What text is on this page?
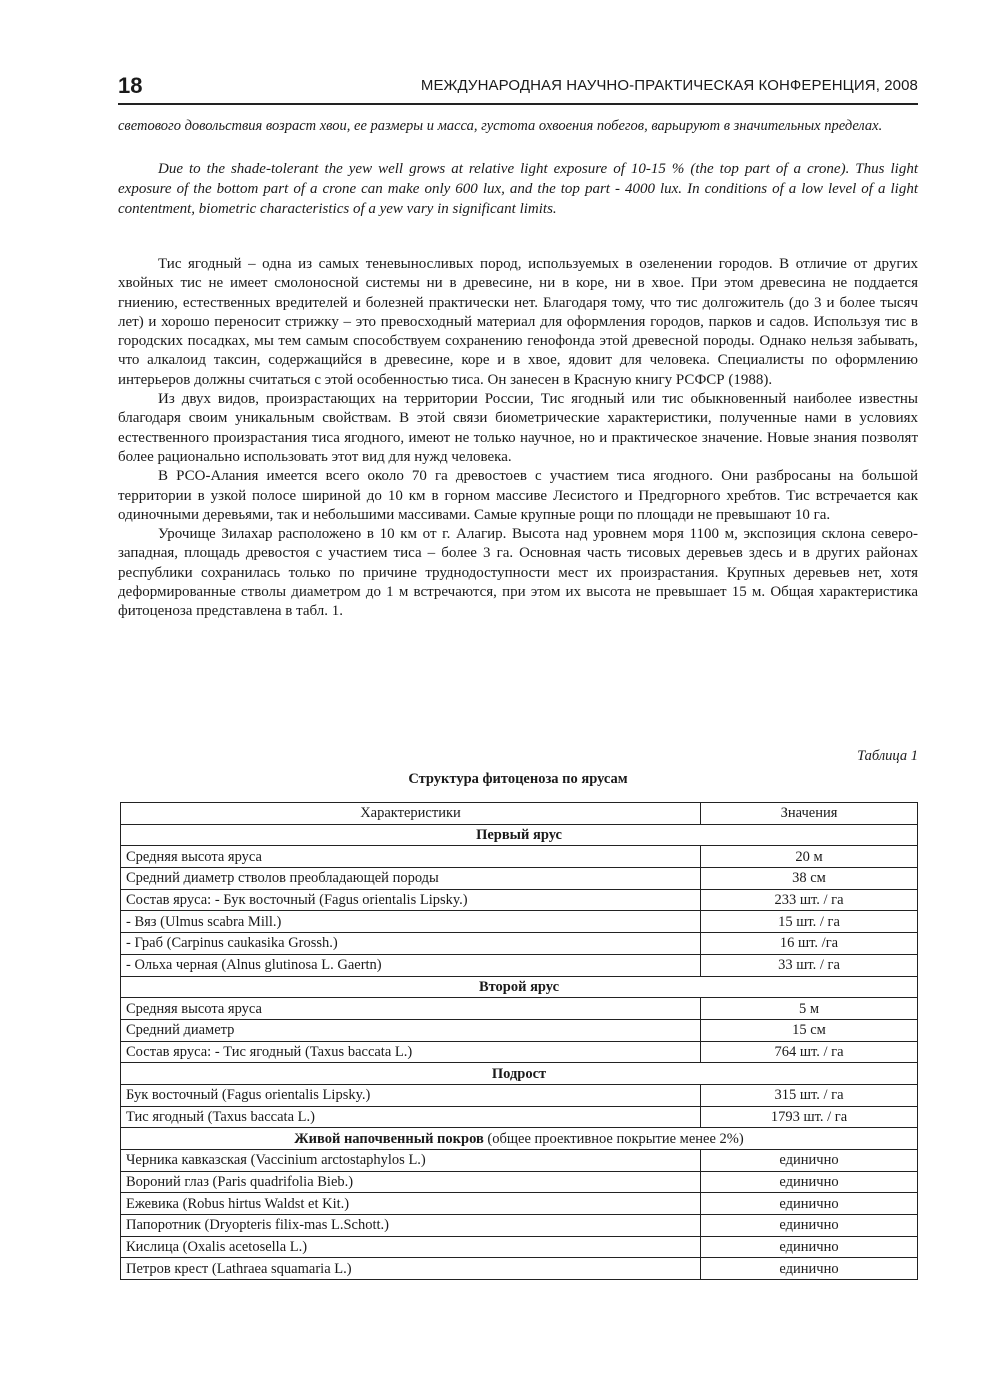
18	МЕЖДУНАРОДНАЯ НАУЧНО-ПРАКТИЧЕСКАЯ КОНФЕРЕНЦИЯ, 2008

светового довольствия возраст хвои, ее размеры и масса, густота охвоения побегов, варьируют в значительных пределах.

Due to the shade-tolerant the yew well grows at relative light exposure of 10-15 % (the top part of a crone). Thus light exposure of the bottom part of a crone can make only 600 lux, and the top part - 4000 lux. In conditions of a low level of a light contentment, biometric characteristics of a yew vary in significant limits.

Тис ягодный – одна из самых теневыносливых пород, используемых в озеленении городов. В отличие от других хвойных тис не имеет смолоносной системы ни в древесине, ни в коре, ни в хвое. При этом древесина не поддается гниению, естественных вредителей и болезней практически нет. Благодаря тому, что тис долгожитель (до 3 и более тысяч лет) и хорошо переносит стрижку – это превосходный материал для оформления городов, парков и садов. Используя тис в городских посадках, мы тем самым способствуем сохранению генофонда этой древесной породы. Однако нельзя забывать, что алкалоид таксин, содержащийся в древесине, коре и в хвое, ядовит для человека. Специалисты по оформлению интерьеров должны считаться с этой особенностью тиса. Он занесен в Красную книгу РСФСР (1988).

Из двух видов, произрастающих на территории России, Тис ягодный или тис обыкновенный наиболее известны благодаря своим уникальным свойствам. В этой связи биометрические характеристики, полученные нами в условиях естественного произрастания тиса ягодного, имеют не только научное, но и практическое значение. Новые знания позволят более рационально использовать этот вид для нужд человека.

В РСО-Алания имеется всего около 70 га древостоев с участием тиса ягодного. Они разбросаны на большой территории в узкой полосе шириной до 10 км в горном массиве Лесистого и Предгорного хребтов. Тис встречается как одиночными деревьями, так и небольшими массивами. Самые крупные рощи по площади не превышают 10 га.

Урочище Зилахар расположено в 10 км от г. Алагир. Высота над уровнем моря 1100 м, экспозиция склона северо-западная, площадь древостоя с участием тиса – более 3 га. Основная часть тисовых деревьев здесь и в других районах республики сохранилась только по причине труднодоступности мест их произрастания. Крупных деревьев нет, хотя деформированные стволы диаметром до 1 м встречаются, при этом их высота не превышает 15 м. Общая характеристика фитоценоза представлена в табл. 1.

Таблица 1
Структура фитоценоза по ярусам
Характеристики	Значения
Первый ярус	
Средняя высота яруса	20 м
Средний диаметр стволов преобладающей породы	38 см
Состав яруса: - Бук восточный (Fagus orientalis Lipsky.)	233 шт. / га
- Вяз (Ulmus scabra Mill.)	15 шт. / га
- Граб (Carpinus caukasika Grossh.)	16 шт. /га
- Ольха черная (Alnus glutinosa L. Gaertn)	33 шт. / га
Второй ярус	
Средняя высота яруса	5 м
Средний диаметр	15 см
Состав яруса: - Тис ягодный (Taxus baccata L.)	764 шт. / га
Подрост	
Бук восточный (Fagus orientalis Lipsky.)	315 шт. / га
Тис ягодный (Taxus baccata L.)	1793 шт. / га
Живой напочвенный покров (общее проективное покрытие менее 2%)	
Черника кавказская (Vaccinium arctostaphylos L.)	единично
Вороний глаз (Paris quadrifolia Bieb.)	единично
Ежевика (Robus hirtus Waldst et Kit.)	единично
Папоротник (Dryopteris filix-mas L.Schott.)	единично
Кислица (Oxalis acetosella L.)	единично
Петров крест (Lathraea squamaria L.)	единично
